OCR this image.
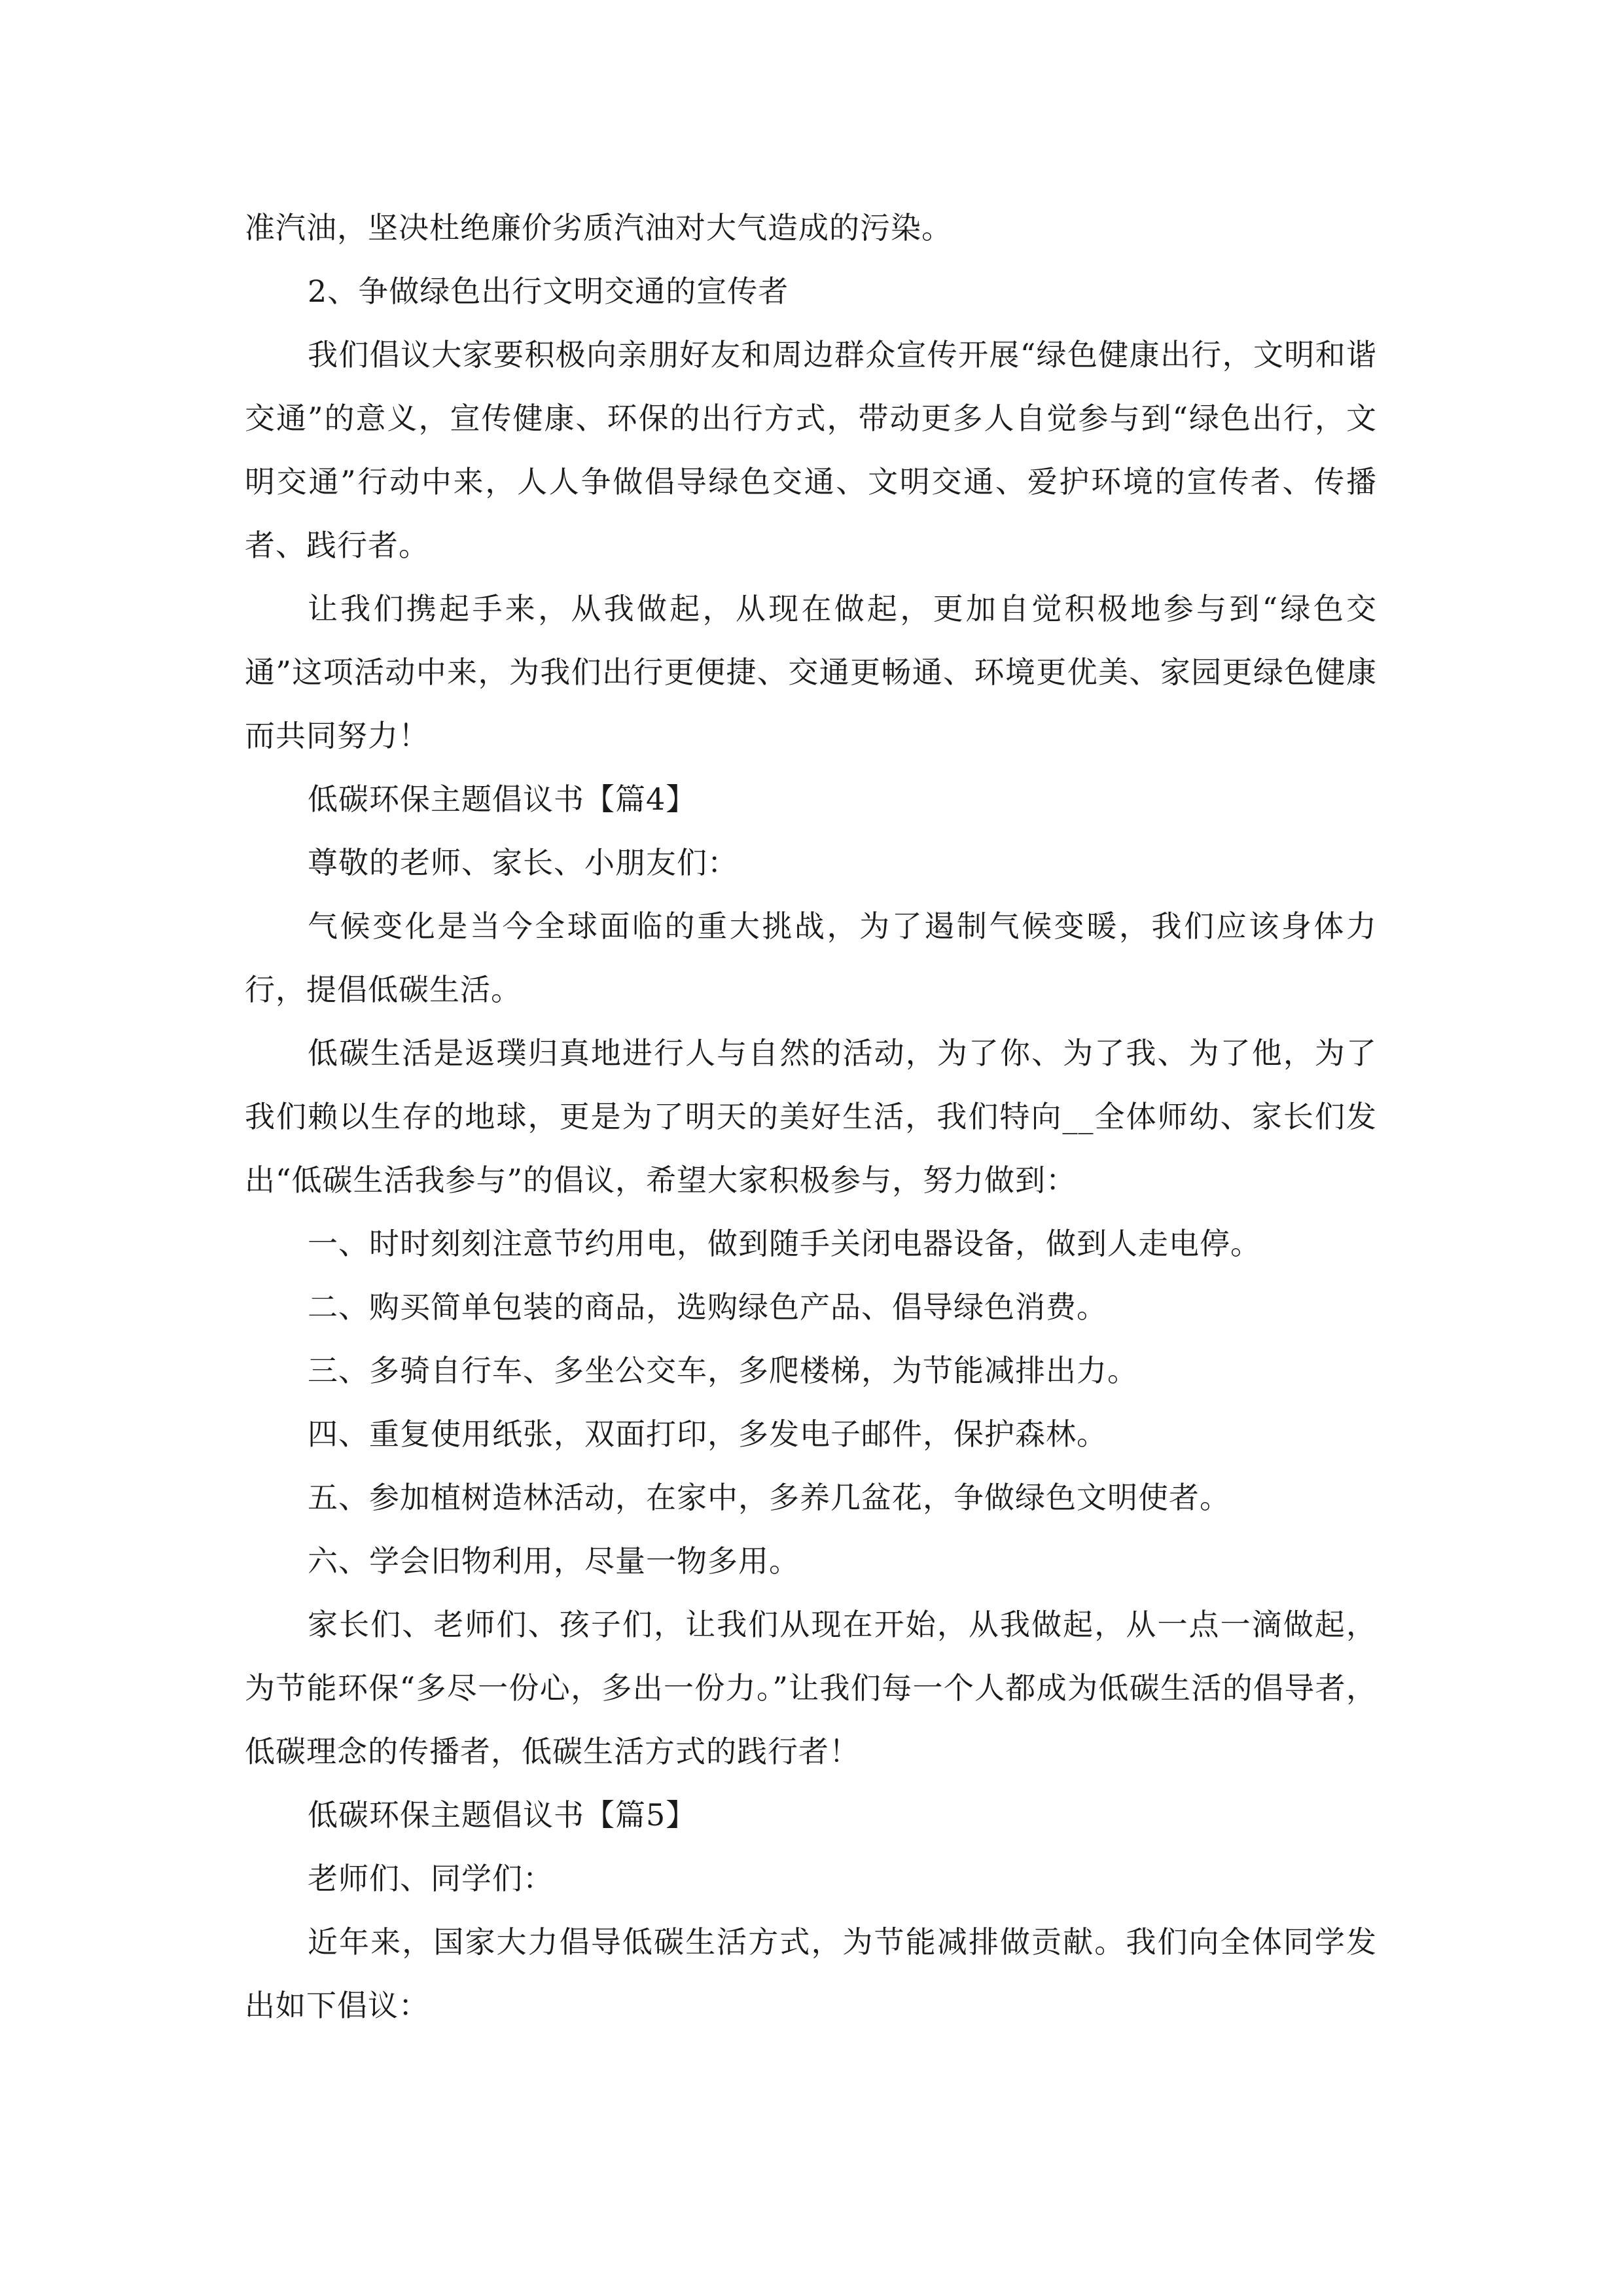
准汽油，坚决杜绝廉价劣质汽油对大气造成的污染。

2、争做绿色出行文明交通的宣传者

我们倡议大家要积极向亲朋好友和周边群众宣传开展“绿色健康出行，文明和谐交通”的意义，宣传健康、环保的出行方式，带动更多人自觉参与到“绿色出行，文明交通”行动中来，人人争做倡导绿色交通、文明交通、爱护环境的宣传者、传播者、践行者。

让我们携起手来，从我做起，从现在做起，更加自觉积极地参与到“绿色交通”这项活动中来，为我们出行更便捷、交通更畅通、环境更优美、家园更绿色健康而共同努力！

低碳环保主题倡议书【篇4】

尊敬的老师、家长、小朋友们：

气候变化是当今全球面临的重大挑战，为了遏制气候变暖，我们应该身体力行，提倡低碳生活。

低碳生活是返璞归真地进行人与自然的活动，为了你、为了我、为了他，为了我们赖以生存的地球，更是为了明天的美好生活，我们特向__全体师幼、家长们发出“低碳生活我参与”的倡议，希望大家积极参与，努力做到：

一、时时刻刻注意节约用电，做到随手关闭电器设备，做到人走电停。

二、购买简单包装的商品，选购绿色产品、倡导绿色消费。

三、多骑自行车、多坐公交车，多爬楼梯，为节能减排出力。

四、重复使用纸张，双面打印，多发电子邮件，保护森林。

五、参加植树造林活动，在家中，多养几盆花，争做绿色文明使者。

六、学会旧物利用，尽量一物多用。

家长们、老师们、孩子们，让我们从现在开始，从我做起，从一点一滴做起，为节能环保“多尽一份心，多出一份力。”让我们每一个人都成为低碳生活的倡导者，低碳理念的传播者，低碳生活方式的践行者！

低碳环保主题倡议书【篇5】

老师们、同学们：

近年来，国家大力倡导低碳生活方式，为节能减排做贡献。我们向全体同学发出如下倡议：
